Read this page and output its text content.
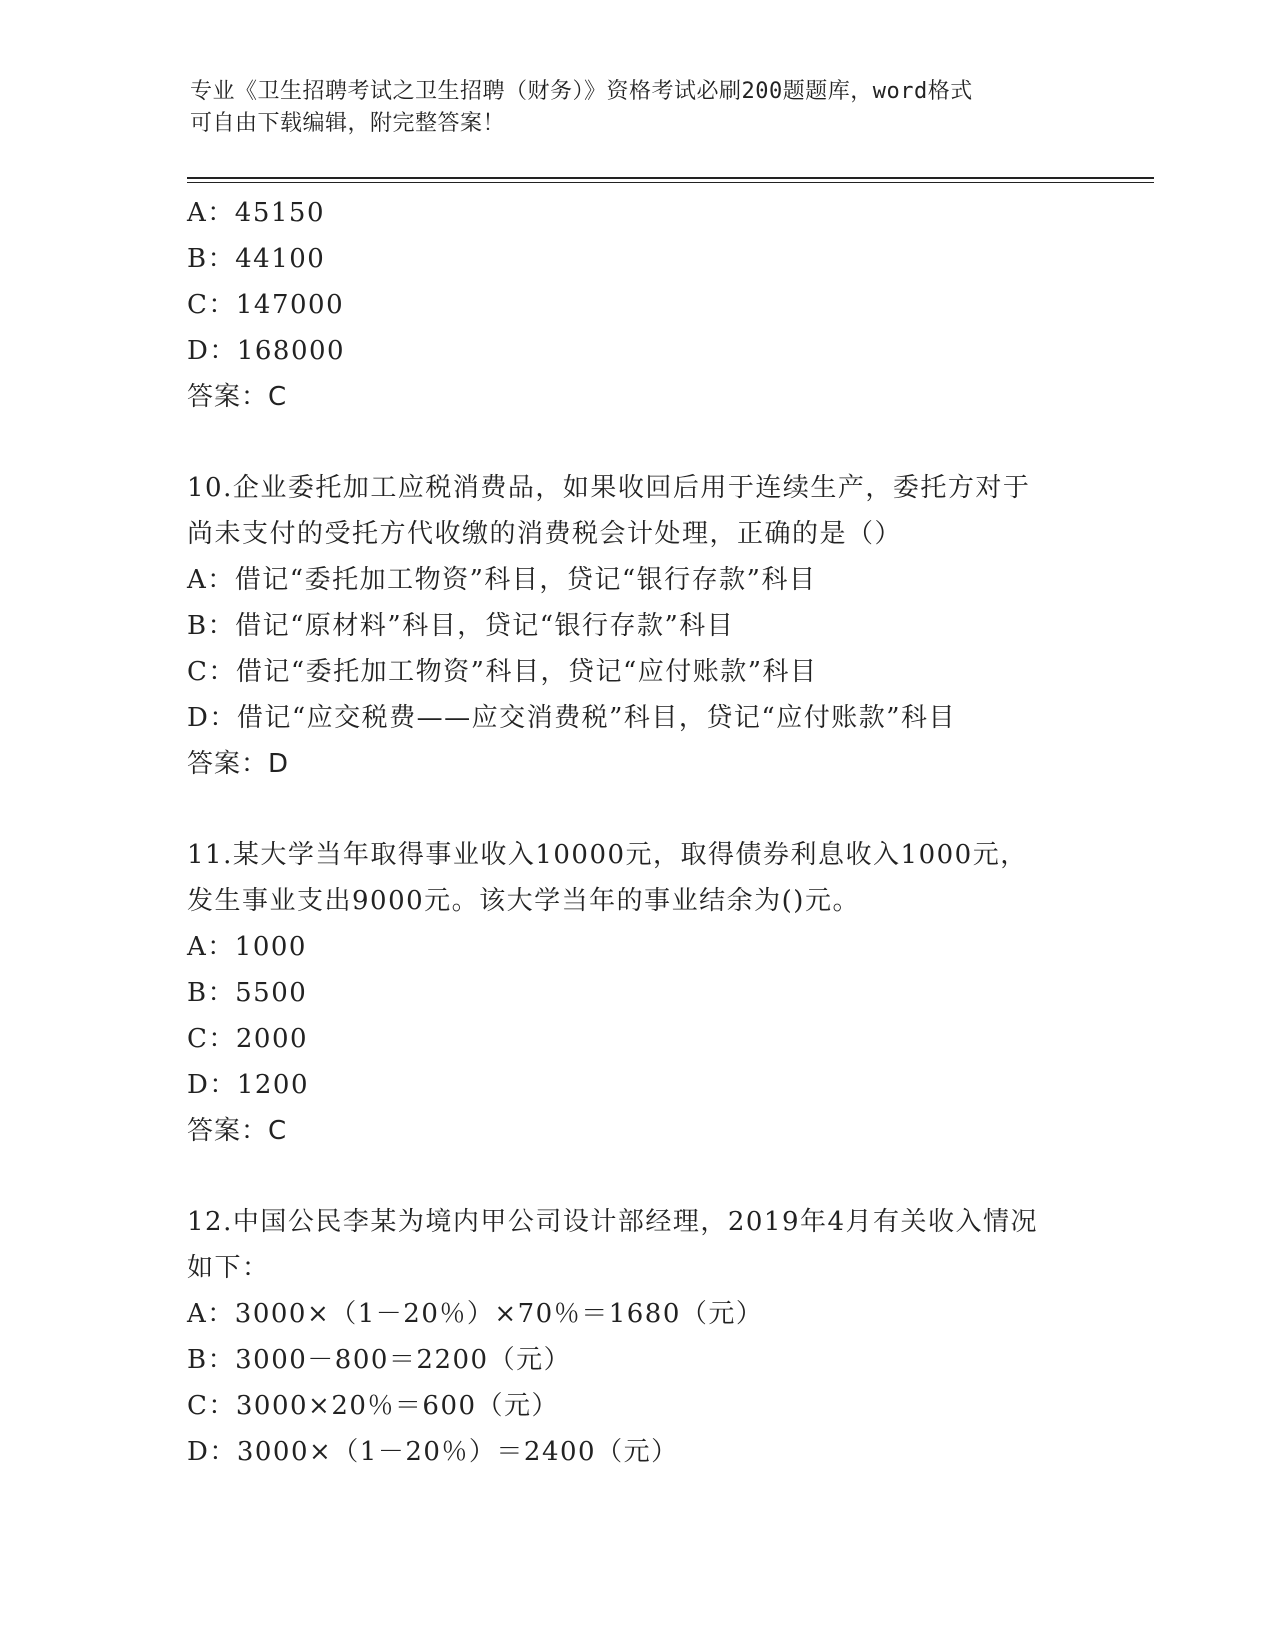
专业《卫生招聘考试之卫生招聘（财务）》资格考试必刷200题题库，word格式
可自由下载编辑，附完整答案！
A：45150
B：44100
C：147000
D：168000
答案：C
10.企业委托加工应税消费品，如果收回后用于连续生产，委托方对于
尚未支付的受托方代收缴的消费税会计处理，正确的是（）
A：借记“委托加工物资”科目，贷记“银行存款”科目
B：借记“原材料”科目，贷记“银行存款”科目
C：借记“委托加工物资”科目，贷记“应付账款”科目
D：借记“应交税费——应交消费税”科目，贷记“应付账款”科目
答案：D
11.某大学当年取得事业收入10000元，取得债券利息收入1000元，
发生事业支出9000元。该大学当年的事业结余为()元。
A：1000
B：5500
C：2000
D：1200
答案：C
12.中国公民李某为境内甲公司设计部经理，2019年4月有关收入情况
如下：
A：3000×（1－20％）×70％＝1680（元）
B：3000－800＝2200（元）
C：3000×20％＝600（元）
D：3000×（1－20％）＝2400（元）
